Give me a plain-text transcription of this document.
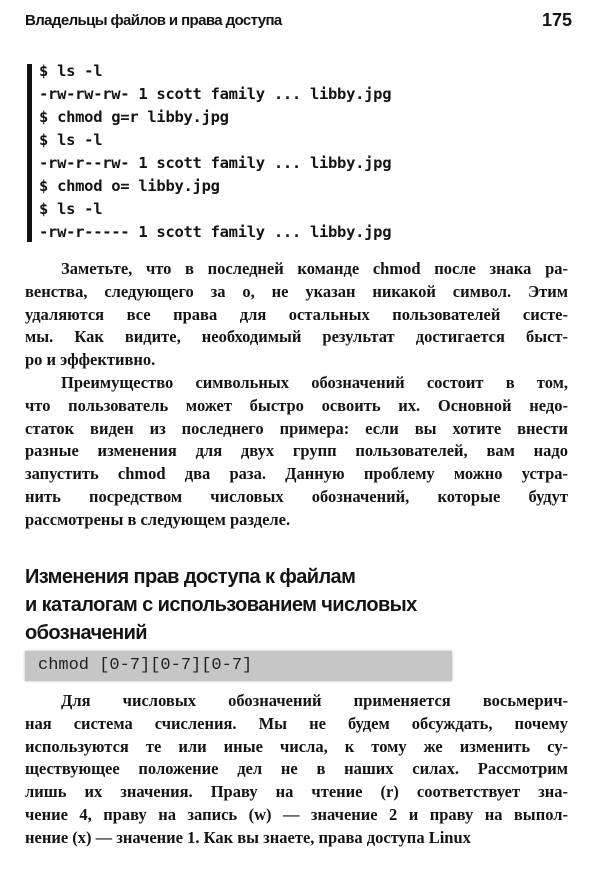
Владельцы файлов и права доступа	175
$ ls -l
-rw-rw-rw- 1 scott family ... libby.jpg
$ chmod g=r libby.jpg
$ ls -l
-rw-r--rw- 1 scott family ... libby.jpg
$ chmod o= libby.jpg
$ ls -l
-rw-r----- 1 scott family ... libby.jpg
Заметьте, что в последней команде chmod после знака ра-
венства, следующего за o, не указан никакой символ. Этим
удаляются все права для остальных пользователей систе-
мы. Как видите, необходимый результат достигается быст-
ро и эффективно.
Преимущество символьных обозначений состоит в том,
что пользователь может быстро освоить их. Основной недо-
статок виден из последнего примера: если вы хотите внести
разные изменения для двух групп пользователей, вам надо
запустить chmod два раза. Данную проблему можно устра-
нить посредством числовых обозначений, которые будут
рассмотрены в следующем разделе.
Изменения прав доступа к файлам
и каталогам с использованием числовых
обозначений
chmod [0-7][0-7][0-7]
Для числовых обозначений применяется восьмерич-
ная система счисления. Мы не будем обсуждать, почему
используются те или иные числа, к тому же изменить су-
ществующее положение дел не в наших силах. Рассмотрим
лишь их значения. Праву на чтение (r) соответствует зна-
чение 4, праву на запись (w) — значение 2 и праву на выпол-
нение (x) — значение 1. Как вы знаете, права доступа Linux
